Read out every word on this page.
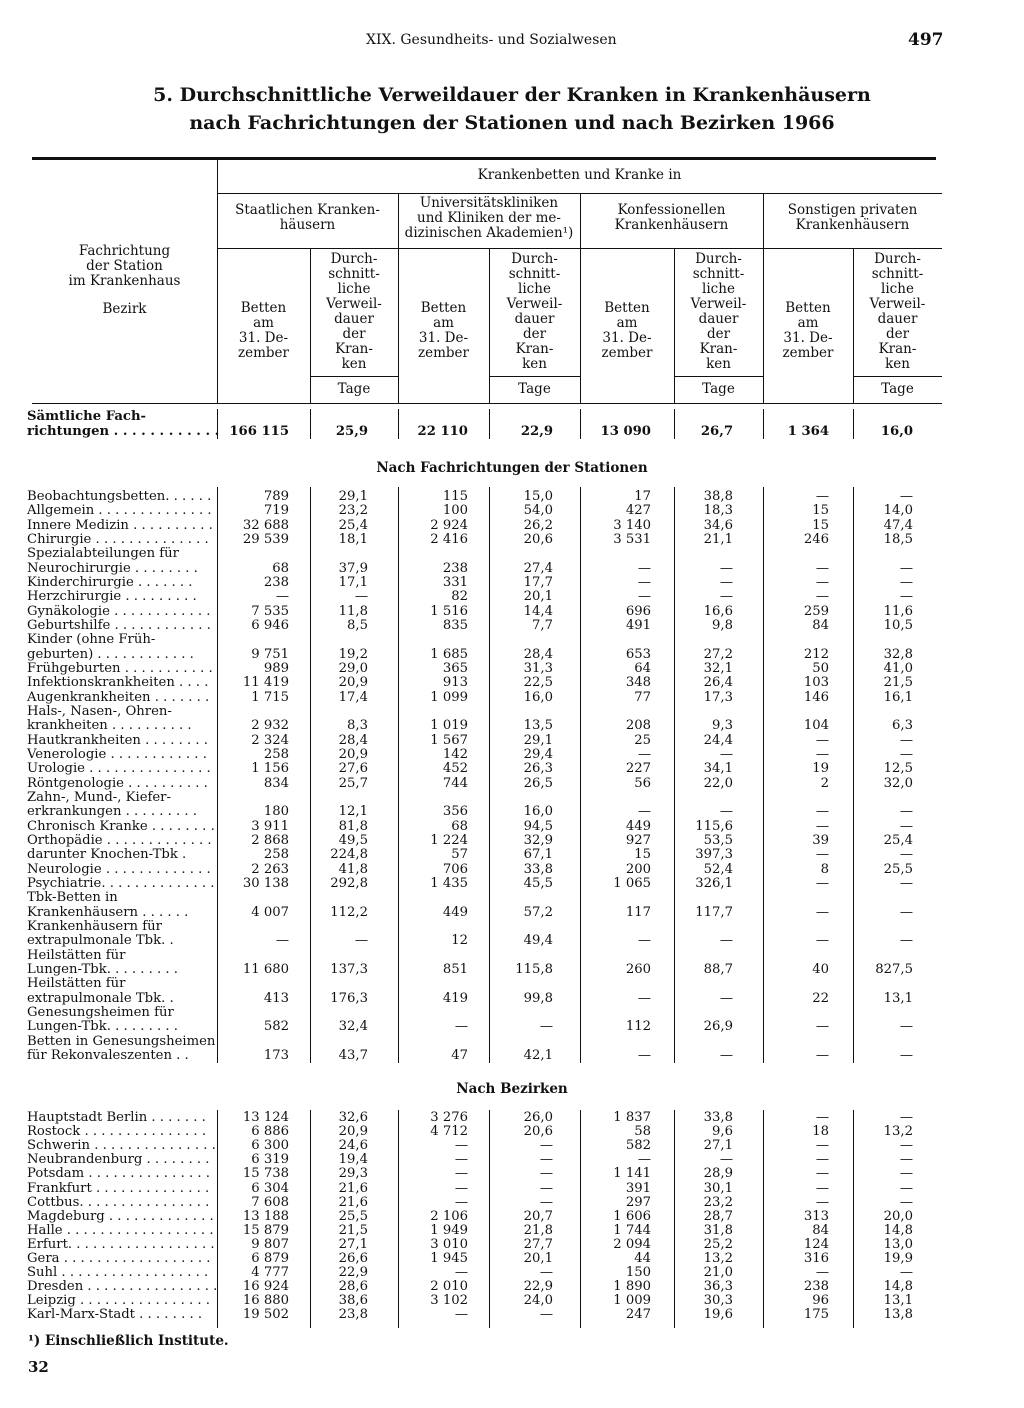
XIX. Gesundheits- und Sozialwesen	497
5. Durchschnittliche Verweildauer der Kranken in Krankenhäusern
nach Fachrichtungen der Stationen und nach Bezirken 1966
Krankenbetten und Kranke in
Fachrichtung
der Station
im Krankenhaus
Bezirk
Staatlichen Kranken-
häusern
Betten
am
31. De-
zember
Durch-
schnitt-
liche
Verweil-
dauer
der
Kran-
ken
Tage
Universitätskliniken
und Kliniken der me-
dizinischen Akademien¹)
Betten
am
31. De-
zember
Durch-
schnitt-
liche
Verweil-
dauer
der
Kran-
ken
Tage
Konfessionellen
Krankenhäusern
Betten
am
31. De-
zember
Durch-
schnitt-
liche
Verweil-
dauer
der
Kran-
ken
Tage
Sonstigen privaten
Krankenhäusern
Betten
am
31. De-
zember
Durch-
schnitt-
liche
Verweil-
dauer
der
Kran-
ken
Tage
Sämtliche Fach-
richtungen . . . . . . . . . . . . 166 115	25,9	22 110	22,9	13 090	26,7	1 364	16,0
Nach Fachrichtungen der Stationen
Nach Bezirken
Beobachtungsbetten. . . . . .	789	29,1	115	15,0	17	38,8	—	—
Allgemein . . . . . . . . . . . . . .	719	23,2	100	54,0	427	18,3	15	14,0
Innere Medizin . . . . . . . . . . 32 688	25,4	2 924	26,2	3 140	34,6	15	47,4
Chirurgie . . . . . . . . . . . . . .	29 539	18,1	2 416	20,6	3 531	21,1	246	18,5
Spezialabteilungen für
Neurochirurgie . . . . . . . .	68	37,9	238	27,4	—	—	—	—
Kinderchirurgie . . . . . . .	238	17,1	331	17,7	—	—	—	—
Herzchirurgie . . . . . . . . .	—	—	82	20,1	—	—	—	—
Gynäkologie . . . . . . . . . . . .	7 535	11,8	1 516	14,4	696	16,6	259	11,6
Geburtshilfe . . . . . . . . . . . .	6 946	8,5	835	7,7	491	9,8	84	10,5
Kinder (ohne Früh-
geburten) . . . . . . . . . . . .	9 751	19,2	1 685	28,4	653	27,2	212	32,8
Frühgeburten . . . . . . . . . . .	989	29,0	365	31,3	64	32,1	50	41,0
Infektionskrankheiten . . . .	11 419	20,9	913	22,5	348	26,4	103	21,5
Augenkrankheiten . . . . . . .	1 715	17,4	1 099	16,0	77	17,3	146	16,1
Hals-, Nasen-, Ohren-
krankheiten . . . . . . . . . .	2 932	8,3	1 019	13,5	208	9,3	104	6,3
Hautkrankheiten . . . . . . . .	2 324	28,4	1 567	29,1	25	24,4	—	—
Venerologie . . . . . . . . . . . .	258	20,9	142	29,4	—	—	—	—
Urologie . . . . . . . . . . . . . . .	1 156	27,6	452	26,3	227	34,1	19	12,5
Röntgenologie . . . . . . . . . .	834	25,7	744	26,5	56	22,0	2	32,0
Zahn-, Mund-, Kiefer-
erkrankungen . . . . . . . . .	180	12,1	356	16,0	—	—	—	—
Chronisch Kranke . . . . . . . .	3 911	81,8	68	94,5	449	115,6	—	—
Orthopädie . . . . . . . . . . . . .	2 868	49,5	1 224	32,9	927	53,5	39	25,4
darunter Knochen-Tbk .	258	224,8	57	67,1	15	397,3	—	—
Neurologie . . . . . . . . . . . . .	2 263	41,8	706	33,8	200	52,4	8	25,5
Psychiatrie. . . . . . . . . . . . . . 30 138	292,8	1 435	45,5	1 065	326,1	—	—
Tbk-Betten in
Krankenhäusern . . . . . .	4 007	112,2	449	57,2	117	117,7	—	—
Krankenhäusern für
extrapulmonale Tbk. .	—	—	12	49,4	—	—	—	—
Heilstätten für
Lungen-Tbk. . . . . . . . .	11 680	137,3	851	115,8	260	88,7	40	827,5
Heilstätten für
extrapulmonale Tbk. .	413	176,3	419	99,8	—	—	22	13,1
Genesungsheimen für
Lungen-Tbk. . . . . . . . .	582	32,4	—	—	112	26,9	—	—
Betten in Genesungsheimen
für Rekonvaleszenten . .	173	43,7	47	42,1	—	—	—	—
Hauptstadt Berlin . . . . . . .	13 124	32,6	3 276	26,0	1 837	33,8	—	—
Rostock . . . . . . . . . . . . . . .	6 886	20,9	4 712	20,6	58	9,6	18	13,2
Schwerin . . . . . . . . . . . . . . .	6 300	24,6	—	—	582	27,1	—	—
Neubrandenburg . . . . . . . .	6 319	19,4	—	—	—	—	—	—
Potsdam . . . . . . . . . . . . . . . 15 738	29,3	—	—	1 141	28,9	—	—
Frankfurt . . . . . . . . . . . . . .	6 304	21,6	—	—	391	30,1	—	—
Cottbus. . . . . . . . . . . . . . . .	7 608	21,6	—	—	297	23,2	—	—
Magdeburg . . . . . . . . . . . . . 13 188	25,5	2 106	20,7	1 606	28,7	313	20,0
Halle . . . . . . . . . . . . . . . . . . 15 879	21,5	1 949	21,8	1 744	31,8	84	14,8
Erfurt. . . . . . . . . . . . . . . . . .	9 807	27,1	3 010	27,7	2 094	25,2	124	13,0
Gera . . . . . . . . . . . . . . . . . .	6 879	26,6	1 945	20,1	44	13,2	316	19,9
Suhl . . . . . . . . . . . . . . . . . .	4 777	22,9	—	—	150	21,0	—	—
Dresden . . . . . . . . . . . . . . . . 16 924	28,6	2 010	22,9	1 890	36,3	238	14,8
Leipzig . . . . . . . . . . . . . . . . 16 880	38,6	3 102	24,0	1 009	30,3	96	13,1
Karl-Marx-Stadt . . . . . . . .	19 502	23,8	—	—	247	19,6	175	13,8
¹) Einschließlich Institute.
32
